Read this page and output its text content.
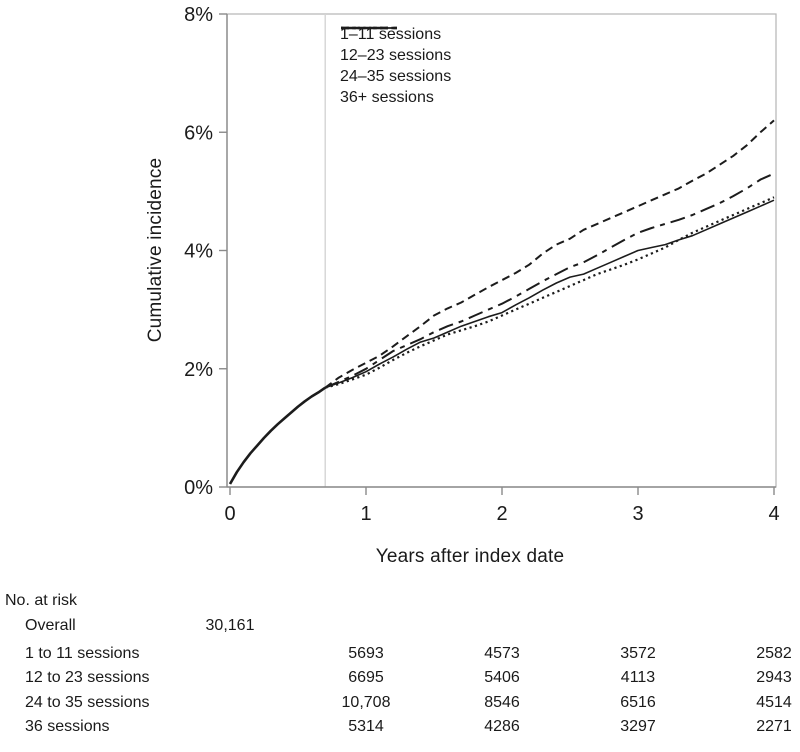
0%
2%
4%
6%
8%
0	1	2	3	4
Cumulative incidence
Years after index date
1–11 sessions
12–23 sessions
24–35 sessions
36+ sessions
No. at risk
Overall	30,161
1 to 11 sessions	5693	4573	3572	2582
12 to 23 sessions	6695	5406	4113	2943
24 to 35 sessions	10,708	8546	6516	4514
36 sessions	5314	4286	3297	2271
